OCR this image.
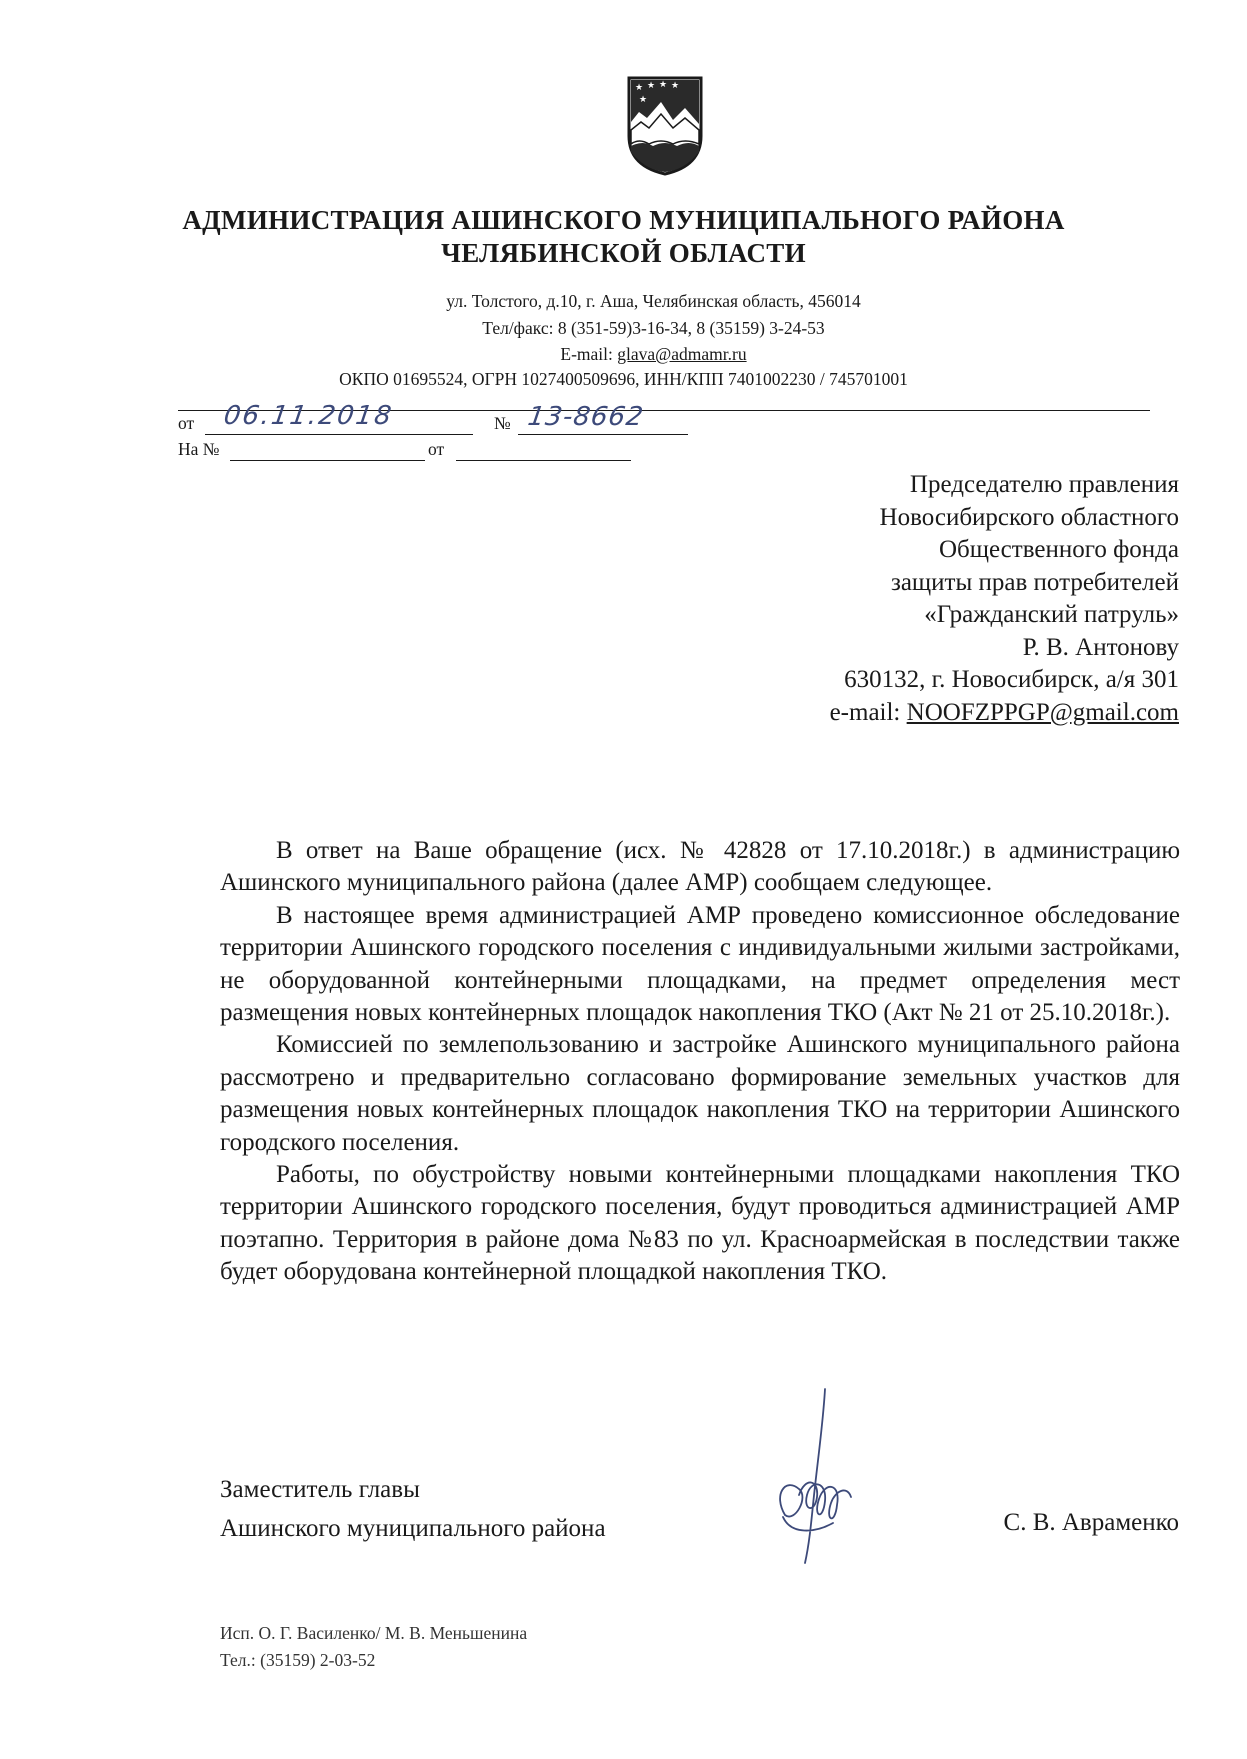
★ ★ ★ ★
★
АДМИНИСТРАЦИЯ АШИНСКОГО МУНИЦИПАЛЬНОГО РАЙОНА
ЧЕЛЯБИНСКОЙ ОБЛАСТИ
ул. Толстого, д.10, г. Аша, Челябинская область, 456014
Тел/факс: 8 (351-59)3-16-34, 8 (35159) 3-24-53
E-mail: glava@admamr.ru
ОКПО 01695524, ОГРН 1027400509696, ИНН/КПП 7401002230 / 745701001
от 06.11.2018	№ 13-8662
На №	от
Председателю правления
Новосибирского областного
Общественного фонда
защиты прав потребителей
«Гражданский патруль»
Р. В. Антонову
630132, г. Новосибирск, а/я 301
e-mail: NOOFZPPGP@gmail.com

В ответ на Ваше обращение (исх. № 42828 от 17.10.2018г.) в администрацию Ашинского муниципального района (далее АМР) сообщаем следующее.

В настоящее время администрацией АМР проведено комиссионное обследование территории Ашинского городского поселения с индивидуальными жилыми застройками, не оборудованной контейнерными площадками, на предмет определения мест размещения новых контейнерных площадок накопления ТКО (Акт № 21 от 25.10.2018г.).

Комиссией по землепользованию и застройке Ашинского муниципального района рассмотрено и предварительно согласовано формирование земельных участков для размещения новых контейнерных площадок накопления ТКО на территории Ашинского городского поселения.

Работы, по обустройству новыми контейнерными площадками накопления ТКО территории Ашинского городского поселения, будут проводиться администрацией АМР поэтапно. Территория в районе дома №83 по ул. Красноармейская в последствии также будет оборудована контейнерной площадкой накопления ТКО.

Заместитель главы
Ашинского муниципального района	С. В. Авраменко
Исп. О. Г. Василенко/ М. В. Меньшенина
Тел.: (35159) 2-03-52
